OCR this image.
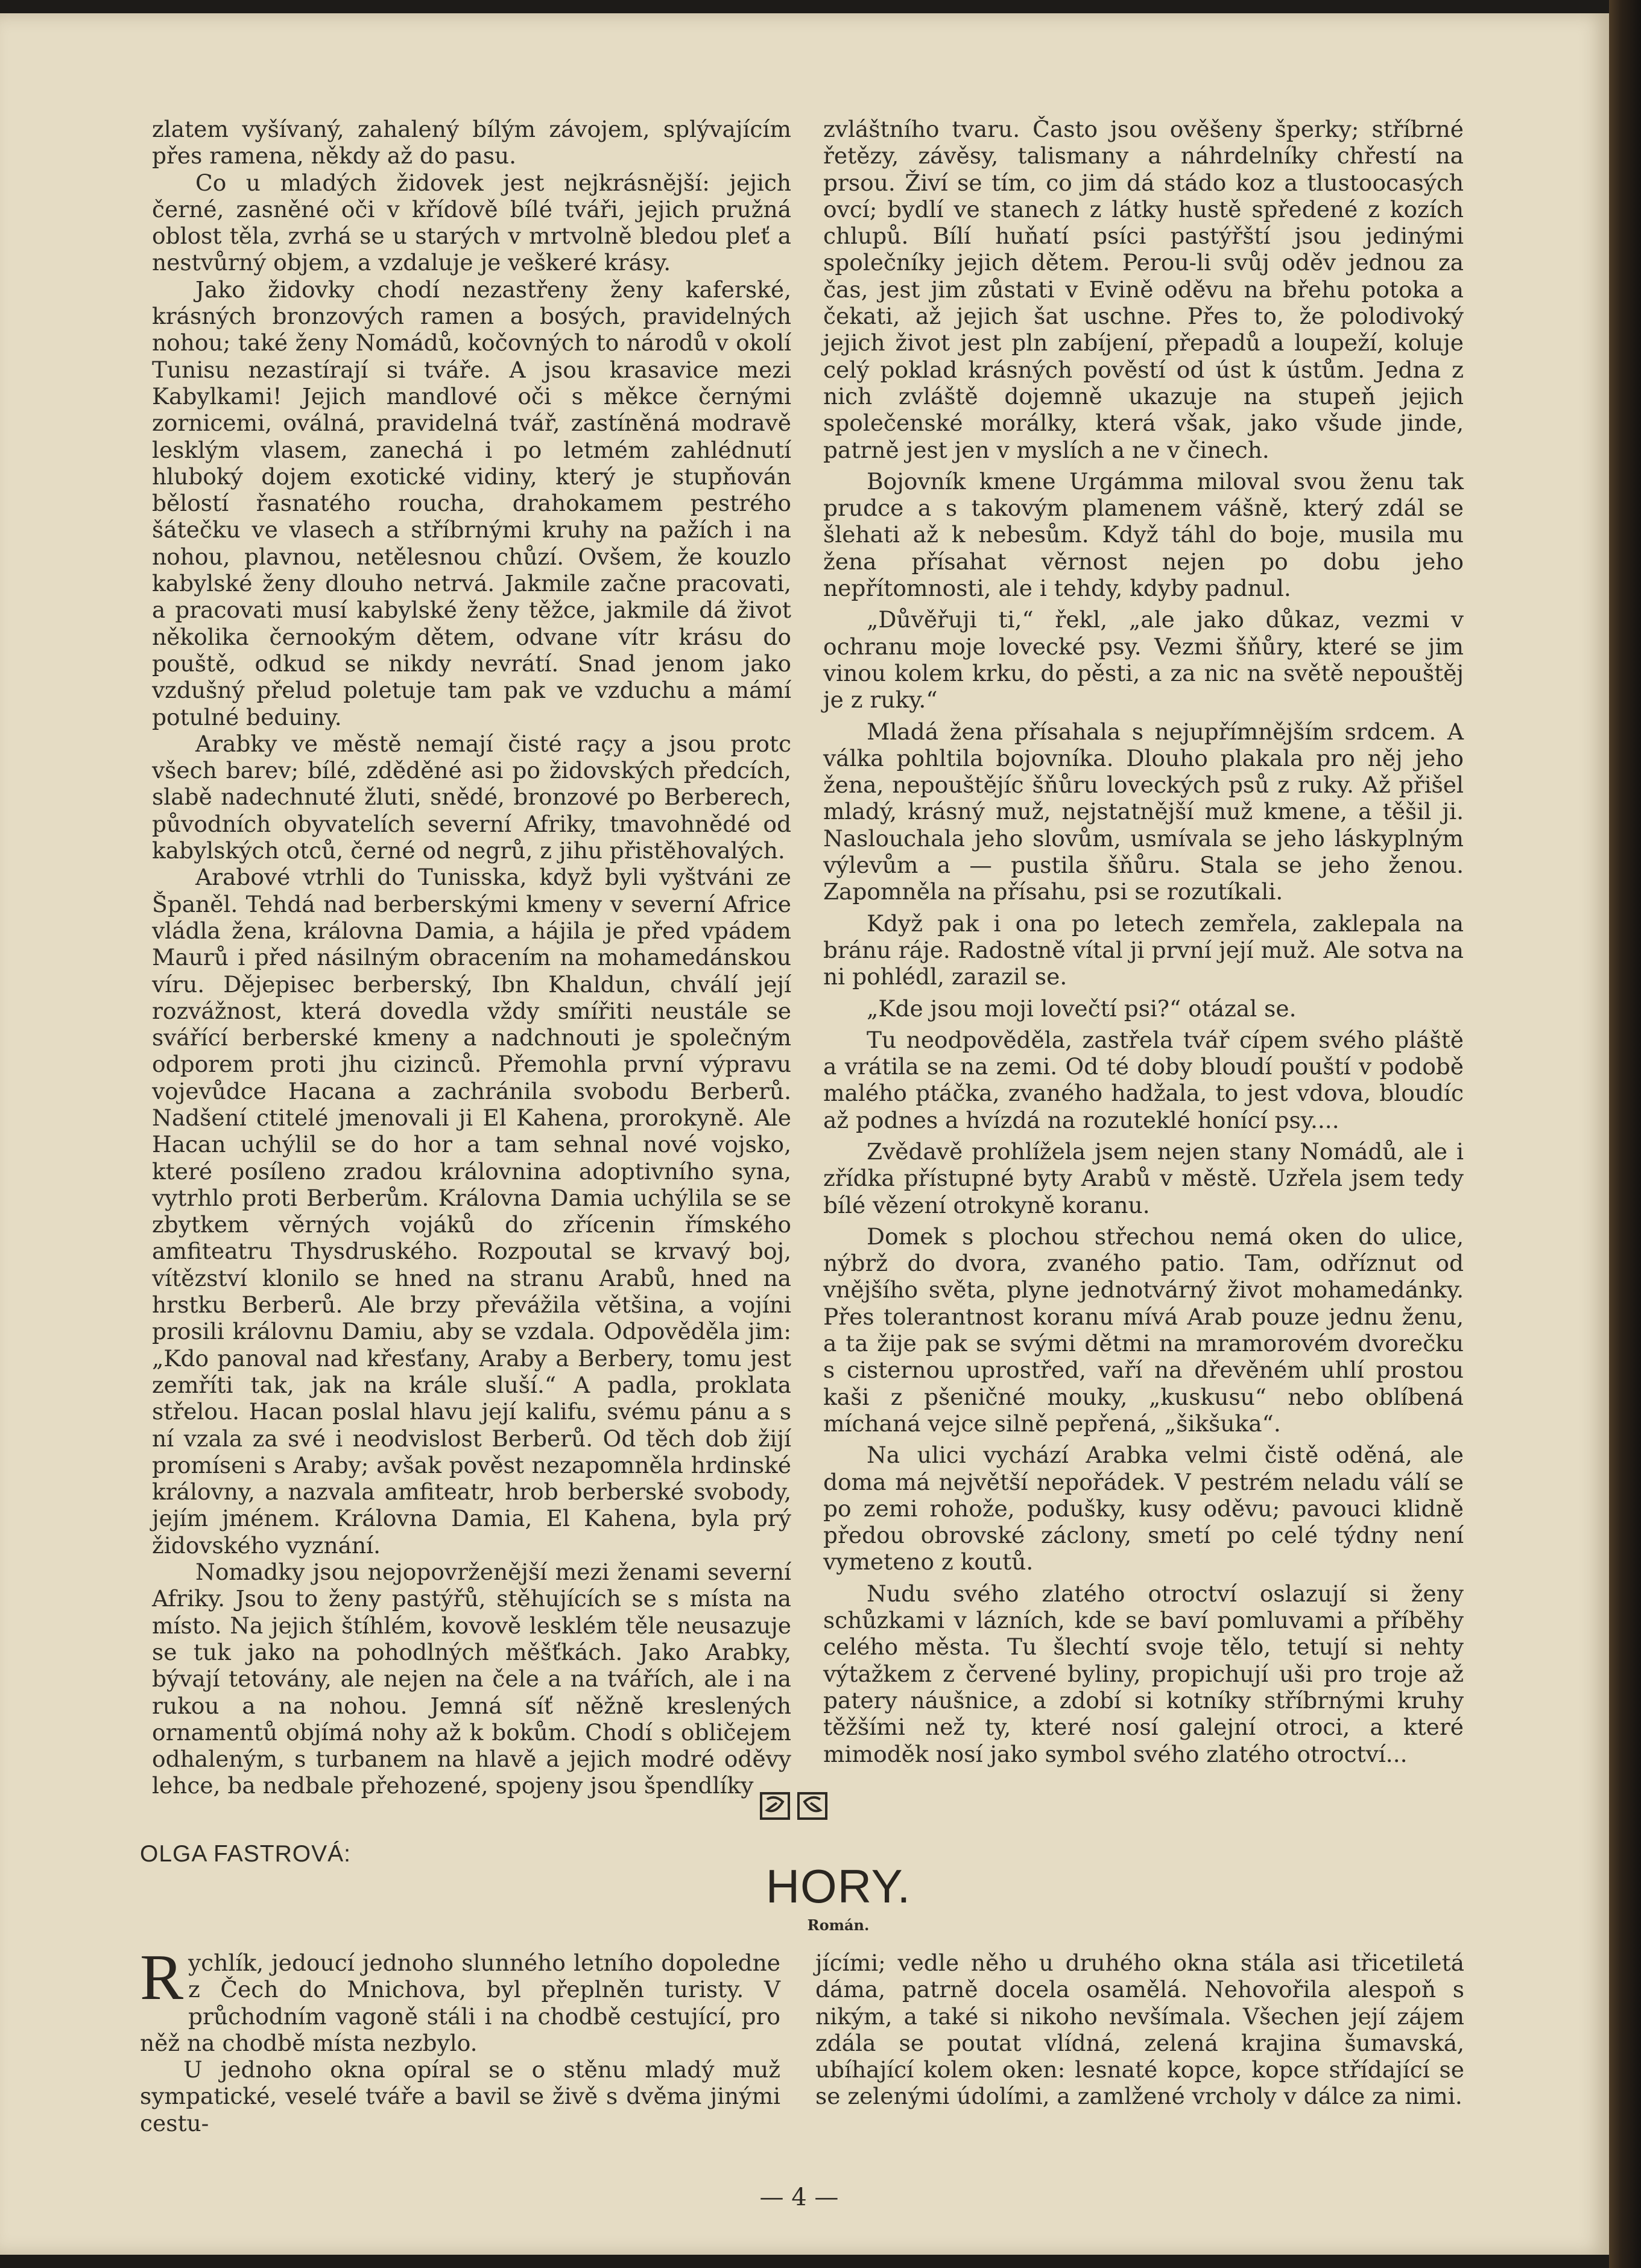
zlatem vyšívaný, zahalený bílým závojem, splývajícím přes ramena, někdy až do pasu.

Co u mladých židovek jest nejkrásnější: jejich černé, zasněné oči v křídově bílé tváři, jejich pružná oblost těla, zvrhá se u starých v mrtvolně bledou pleť a nestvůrný objem, a vzdaluje je veškeré krásy.

Jako židovky chodí nezastřeny ženy kaferské, krásných bronzových ramen a bosých, pravidelných nohou; také ženy Nomádů, kočovných to národů v okolí Tunisu nezastírají si tváře. A jsou krasavice mezi Kabylkami! Jejich mandlové oči s měkce černými zornicemi, oválná, pravidelná tvář, zastíněná modravě lesklým vlasem, zanechá i po letmém zahlédnutí hluboký dojem exotické vidiny, který je stupňován bělostí řasnatého roucha, drahokamem pestrého šátečku ve vlasech a stříbrnými kruhy na pažích i na nohou, plavnou, netělesnou chůzí. Ovšem, že kouzlo kabylské ženy dlouho netrvá. Jakmile začne pracovati, a pracovati musí kabylské ženy těžce, jakmile dá život několika černookým dětem, odvane vítr krásu do pouště, odkud se nikdy nevrátí. Snad jenom jako vzdušný přelud poletuje tam pak ve vzduchu a mámí potulné beduiny.

Arabky ve městě nemají čisté raçy a jsou protc všech barev; bílé, zděděné asi po židovských předcích, slabě nadechnuté žluti, snědé, bronzové po Berberech, původních obyvatelích severní Afriky, tmavohnědé od kabylských otců, černé od negrů, z jihu přistěhovalých.

Arabové vtrhli do Tunisska, když byli vyštváni ze Španěl. Tehdá nad berberskými kmeny v severní Africe vládla žena, královna Damia, a hájila je před vpádem Maurů i před násilným obracením na mohamedánskou víru. Dějepisec berberský, Ibn Khaldun, chválí její rozvážnost, která dovedla vždy smířiti neustále se svářící berberské kmeny a nadchnouti je společným odporem proti jhu cizinců. Přemohla první výpravu vojevůdce Hacana a zachránila svobodu Berberů. Nadšení ctitelé jmenovali ji El Kahena, prorokyně. Ale Hacan uchýlil se do hor a tam sehnal nové vojsko, které posíleno zradou královnina adoptivního syna, vytrhlo proti Berberům. Královna Damia uchýlila se se zbytkem věrných vojáků do zřícenin římského amfiteatru Thysdruského. Rozpoutal se krvavý boj, vítězství klonilo se hned na stranu Arabů, hned na hrstku Berberů. Ale brzy převážila většina, a vojíni prosili královnu Damiu, aby se vzdala. Odpověděla jim: „Kdo panoval nad křesťany, Araby a Berbery, tomu jest zemříti tak, jak na krále sluší.“ A padla, proklata střelou. Hacan poslal hlavu její kalifu, svému pánu a s ní vzala za své i neodvislost Berberů. Od těch dob žijí promíseni s Araby; avšak pověst nezapomněla hrdinské královny, a nazvala amfiteatr, hrob berberské svobody, jejím jménem. Královna Damia, El Kahena, byla prý židovského vyznání.

Nomadky jsou nejopovrženější mezi ženami severní Afriky. Jsou to ženy pastýřů, stěhujících se s místa na místo. Na jejich štíhlém, kovově lesklém těle neusazuje se tuk jako na pohodlných měšťkách. Jako Arabky, bývají tetovány, ale nejen na čele a na tvářích, ale i na rukou a na nohou. Jemná síť něžně kreslených ornamentů objímá nohy až k bokům. Chodí s obličejem odhaleným, s turbanem na hlavě a jejich modré oděvy lehce, ba nedbale přehozené, spojeny jsou špendlíky

zvláštního tvaru. Často jsou ověšeny šperky; stříbrné řetězy, závěsy, talismany a náhrdelníky chřestí na prsou. Živí se tím, co jim dá stádo koz a tlustoocasých ovcí; bydlí ve stanech z látky hustě spředené z kozích chlupů. Bílí huňatí psíci pastýřští jsou jedinými společníky jejich dětem. Perou-li svůj oděv jednou za čas, jest jim zůstati v Evině oděvu na břehu potoka a čekati, až jejich šat uschne. Přes to, že polodivoký jejich život jest pln zabíjení, přepadů a loupeží, koluje celý poklad krásných pověstí od úst k ústům. Jedna z nich zvláště dojemně ukazuje na stupeň jejich společenské morálky, která však, jako všude jinde, patrně jest jen v myslích a ne v činech.

Bojovník kmene Urgámma miloval svou ženu tak prudce a s takovým plamenem vášně, který zdál se šlehati až k nebesům. Když táhl do boje, musila mu žena přísahat věrnost nejen po dobu jeho nepřítomnosti, ale i tehdy, kdyby padnul.

„Důvěřuji ti,“ řekl, „ale jako důkaz, vezmi v ochranu moje lovecké psy. Vezmi šňůry, které se jim vinou kolem krku, do pěsti, a za nic na světě nepouštěj je z ruky.“

Mladá žena přísahala s nejupřímnějším srdcem. A válka pohltila bojovníka. Dlouho plakala pro něj jeho žena, nepouštějíc šňůru loveckých psů z ruky. Až přišel mladý, krásný muž, nejstatnější muž kmene, a těšil ji. Naslouchala jeho slovům, usmívala se jeho láskyplným výlevům a — pustila šňůru. Stala se jeho ženou. Zapomněla na přísahu, psi se rozutíkali.

Když pak i ona po letech zemřela, zaklepala na bránu ráje. Radostně vítal ji první její muž. Ale sotva na ni pohlédl, zarazil se.

„Kde jsou moji lovečtí psi?“ otázal se.

Tu neodpověděla, zastřela tvář cípem svého pláště a vrátila se na zemi. Od té doby bloudí pouští v podobě malého ptáčka, zvaného hadžala, to jest vdova, bloudíc až podnes a hvízdá na rozuteklé honící psy....

Zvědavě prohlížela jsem nejen stany Nomádů, ale i zřídka přístupné byty Arabů v městě. Uzřela jsem tedy bílé vězení otrokyně koranu.

Domek s plochou střechou nemá oken do ulice, nýbrž do dvora, zvaného patio. Tam, odříznut od vnějšího světa, plyne jednotvárný život mohamedánky. Přes tolerantnost koranu mívá Arab pouze jednu ženu, a ta žije pak se svými dětmi na mramorovém dvorečku s cisternou uprostřed, vaří na dřevěném uhlí prostou kaši z pšeničné mouky, „kuskusu“ nebo oblíbená míchaná vejce silně pepřená, „šikšuka“.

Na ulici vychází Arabka velmi čistě oděná, ale doma má největší nepořádek. V pestrém neladu válí se po zemi rohože, podušky, kusy oděvu; pavouci klidně předou obrovské záclony, smetí po celé týdny není vymeteno z koutů.

Nudu svého zlatého otroctví oslazují si ženy schůzkami v lázních, kde se baví pomluvami a příběhy celého města. Tu šlechtí svoje tělo, tetují si nehty výtažkem z červené byliny, propichují uši pro troje až patery náušnice, a zdobí si kotníky stříbrnými kruhy těžšími než ty, které nosí galejní otroci, a které mimoděk nosí jako symbol svého zlatého otroctví...

OLGA FASTROVÁ:
HORY.
Román.

Rychlík, jedoucí jednoho slunného letního dopoledne z Čech do Mnichova, byl přeplněn turisty. V průchodním vagoně stáli i na chodbě cestující, pro něž na chodbě místa nezbylo.

U jednoho okna opíral se o stěnu mladý muž sympatické, veselé tváře a bavil se živě s dvěma jinými cestu-

jícími; vedle něho u druhého okna stála asi třicetiletá dáma, patrně docela osamělá. Nehovořila alespoň s nikým, a také si nikoho nevšímala. Všechen její zájem zdála se poutat vlídná, zelená krajina šumavská, ubíhající kolem oken: lesnaté kopce, kopce střídající se se zelenými údolími, a zamlžené vrcholy v dálce za nimi.

— 4 —
